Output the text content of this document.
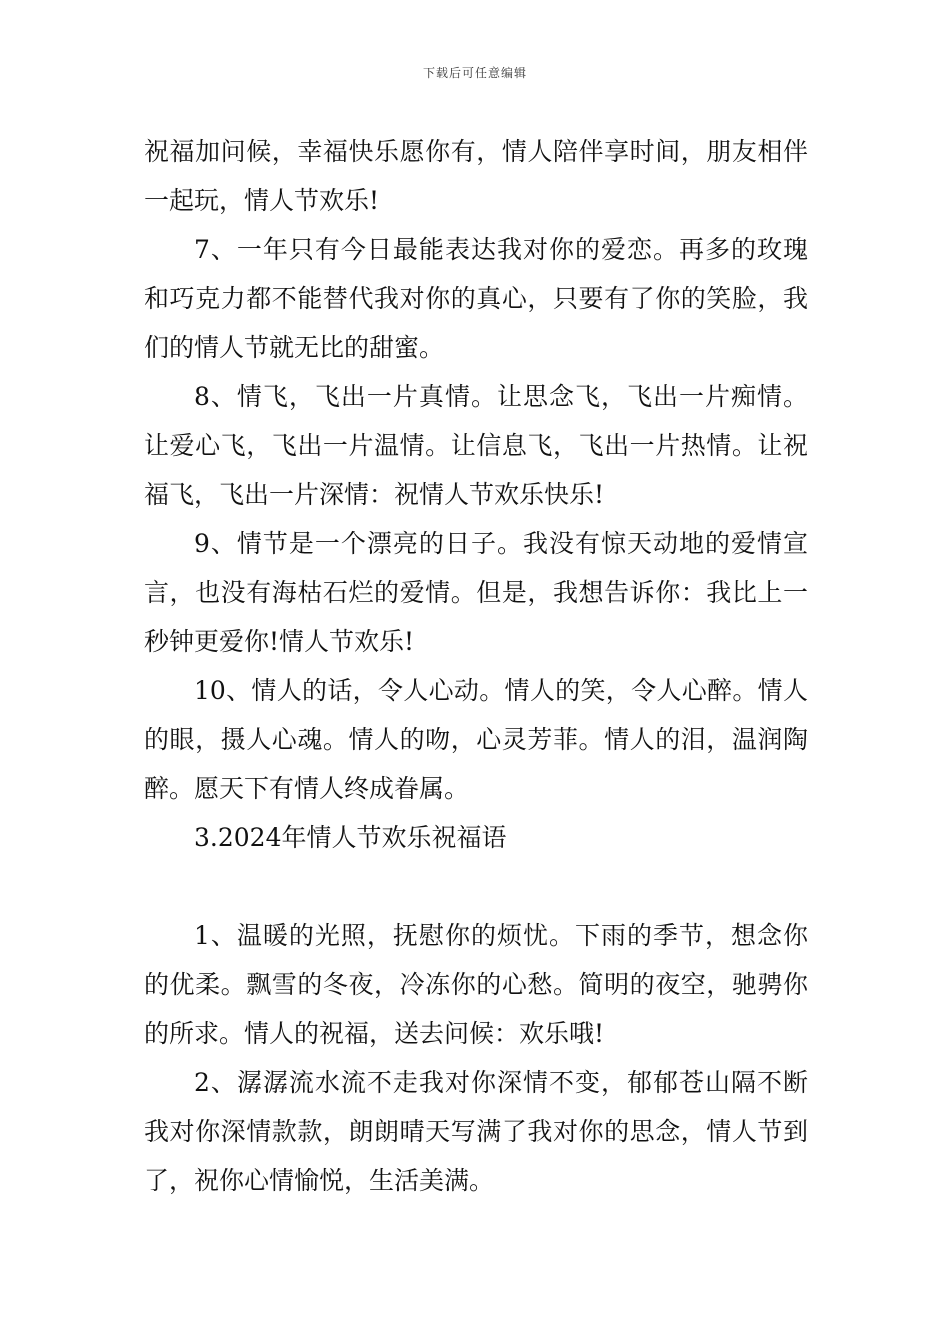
下载后可任意编辑

祝福加问候，幸福快乐愿你有，情人陪伴享时间，朋友相伴一起玩，情人节欢乐!

7、一年只有今日最能表达我对你的爱恋。再多的玫瑰和巧克力都不能替代我对你的真心，只要有了你的笑脸，我们的情人节就无比的甜蜜。

8、情飞，飞出一片真情。让思念飞，飞出一片痴情。让爱心飞，飞出一片温情。让信息飞，飞出一片热情。让祝福飞，飞出一片深情：祝情人节欢乐快乐!

9、情节是一个漂亮的日子。我没有惊天动地的爱情宣言，也没有海枯石烂的爱情。但是，我想告诉你：我比上一秒钟更爱你!情人节欢乐!

10、情人的话，令人心动。情人的笑，令人心醉。情人的眼，摄人心魂。情人的吻，心灵芳菲。情人的泪，温润陶醉。愿天下有情人终成眷属。

3.2024年情人节欢乐祝福语

1、温暖的光照，抚慰你的烦忧。下雨的季节，想念你的优柔。飘雪的冬夜，冷冻你的心愁。简明的夜空，驰骋你的所求。情人的祝福，送去问候：欢乐哦!

2、潺潺流水流不走我对你深情不变，郁郁苍山隔不断我对你深情款款，朗朗晴天写满了我对你的思念，情人节到了，祝你心情愉悦，生活美满。
